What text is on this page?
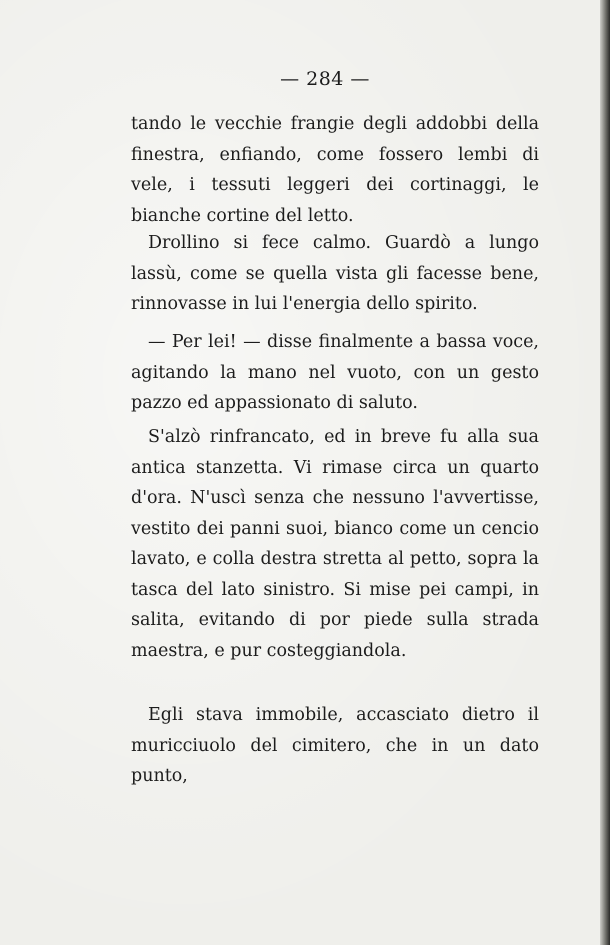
— 284 —

tando le vecchie frangie degli addobbi della finestra, enfiando, come fossero lembi di vele, i tessuti leggeri dei cortinaggi, le bianche cortine del letto.

Drollino si fece calmo. Guardò a lungo lassù, come se quella vista gli facesse bene, rinnovasse in lui l'energia dello spirito.

— Per lei! — disse finalmente a bassa voce, agitando la mano nel vuoto, con un gesto pazzo ed appassionato di saluto.

S'alzò rinfrancato, ed in breve fu alla sua antica stanzetta. Vi rimase circa un quarto d'ora. N'uscì senza che nessuno l'avvertisse, vestito dei panni suoi, bianco come un cencio lavato, e colla destra stretta al petto, sopra la tasca del lato sinistro. Si mise pei campi, in salita, evitando di por piede sulla strada maestra, e pur costeggiandola.

Egli stava immobile, accasciato dietro il muricciuolo del cimitero, che in un dato punto,
